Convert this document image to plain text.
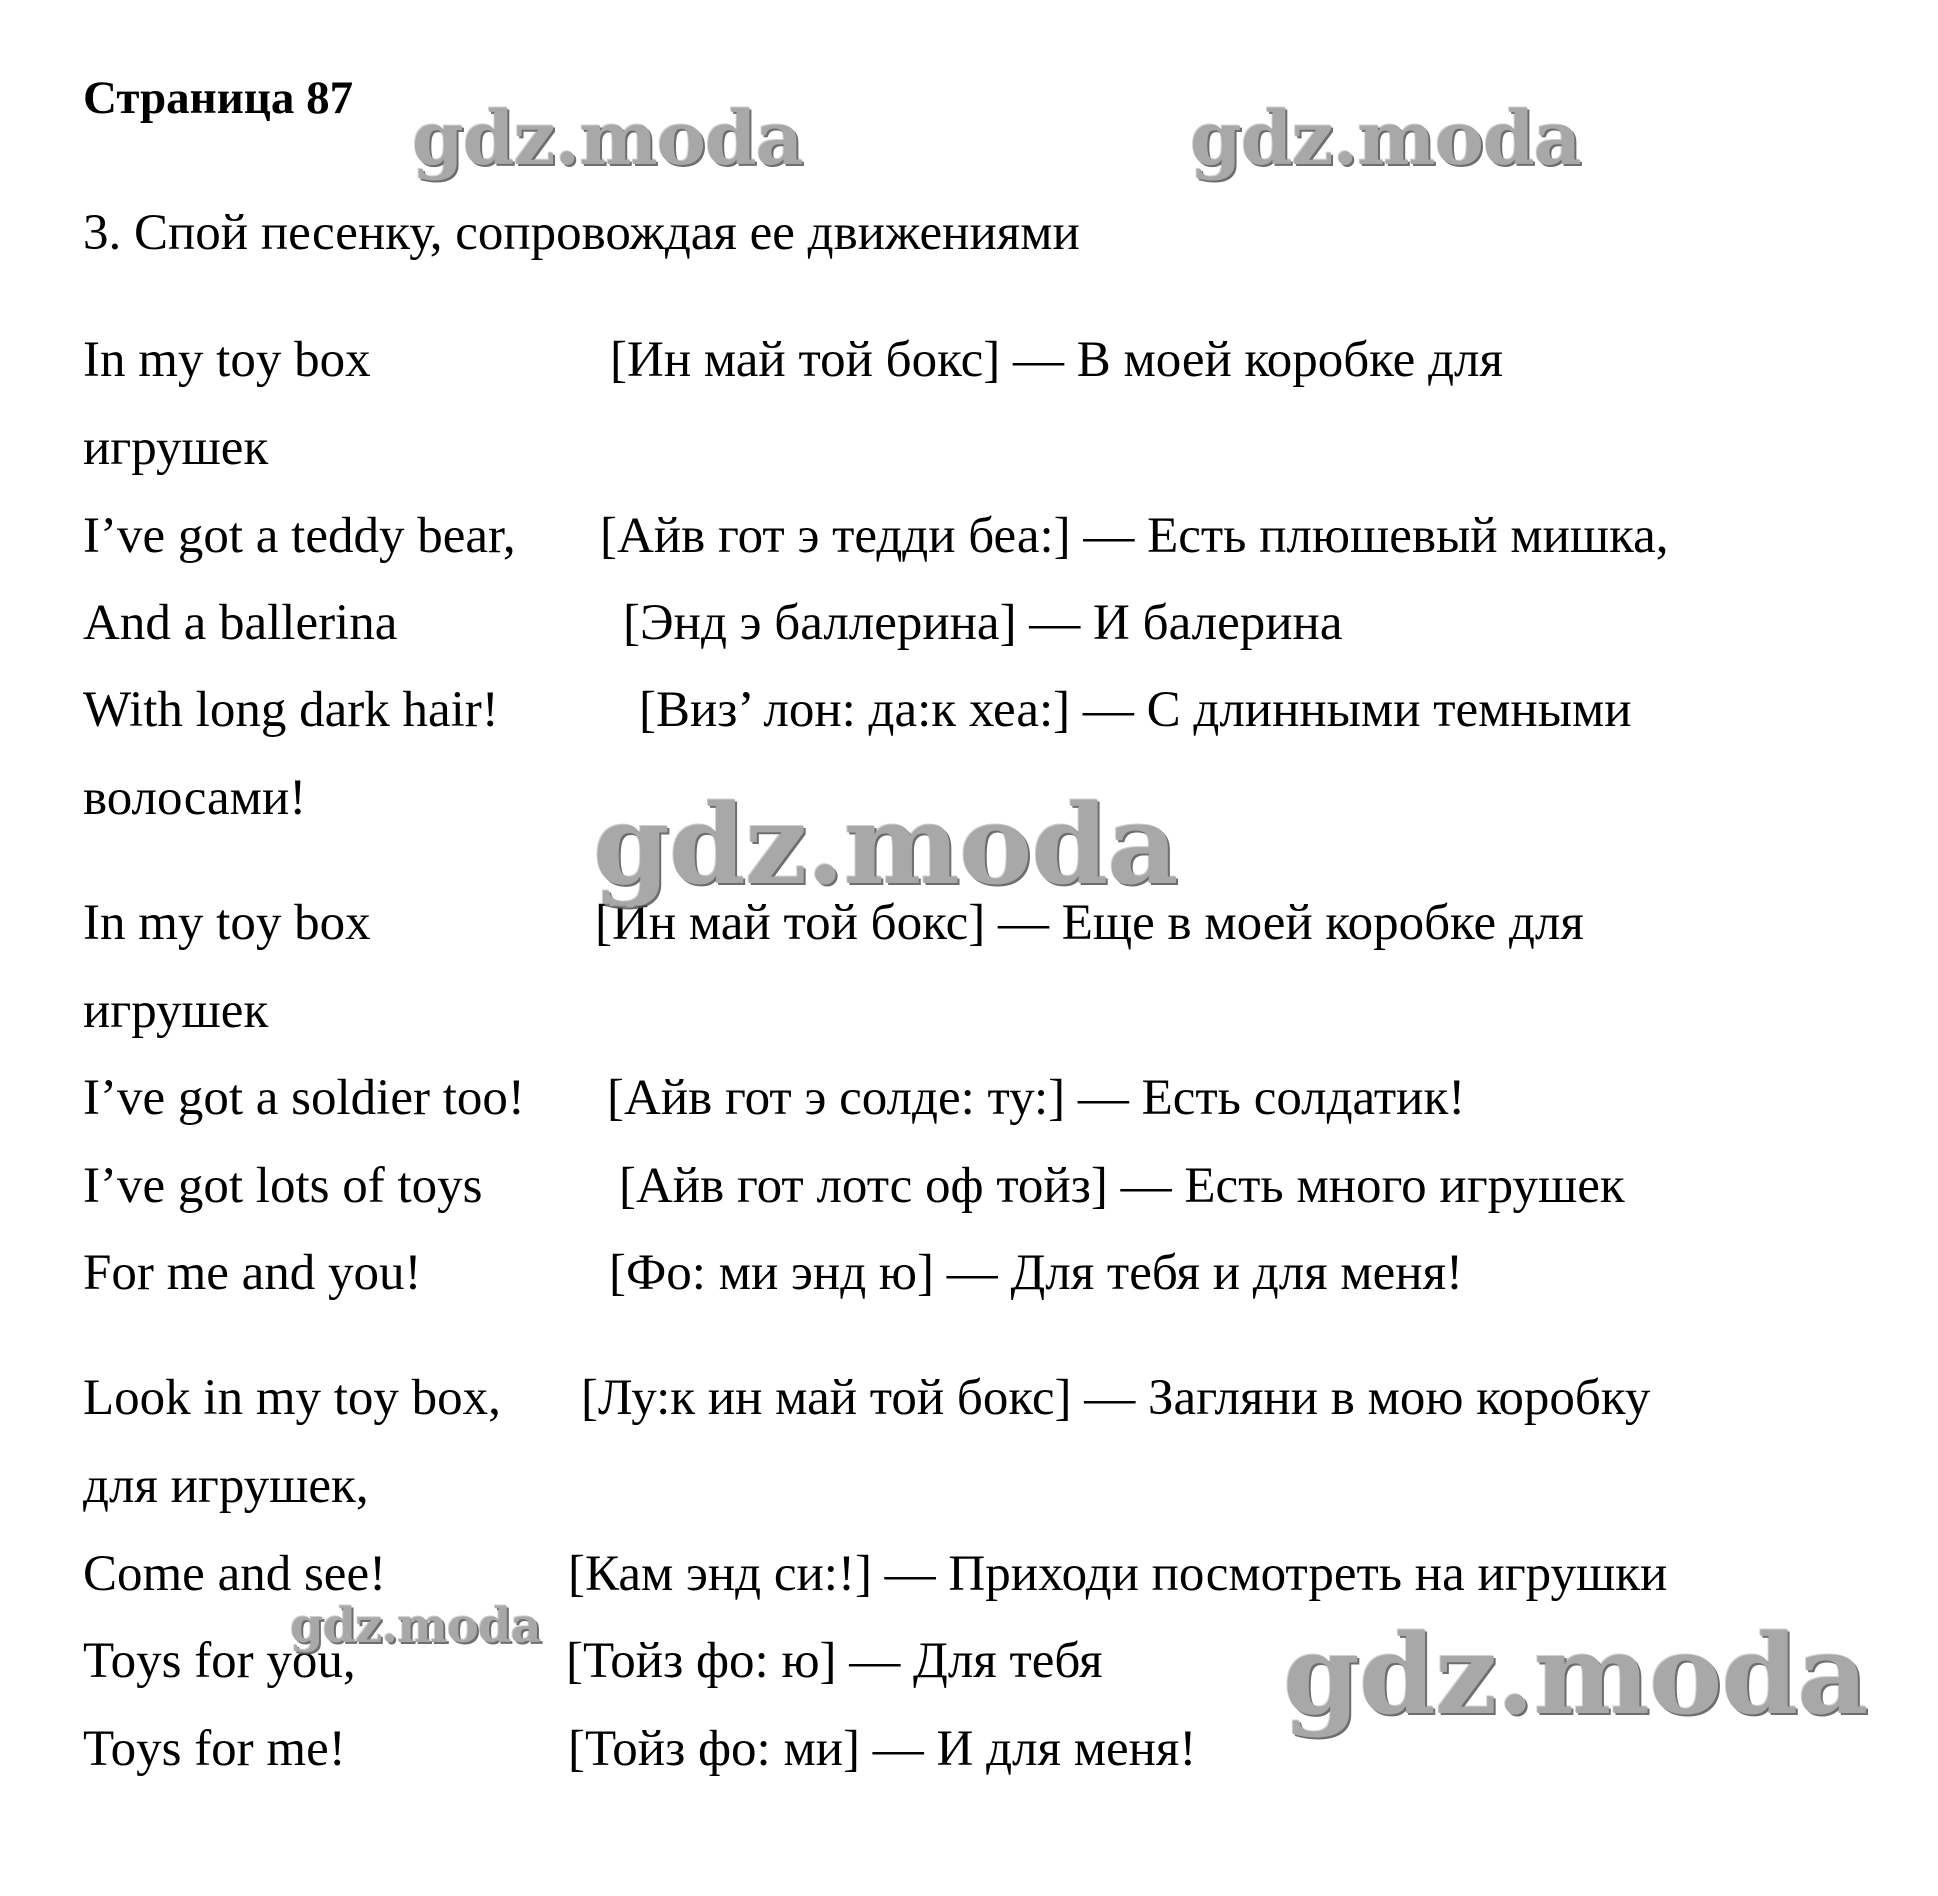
Страница 87
3. Спой песенку, сопровождая ее движениями
In my toy box	[Ин май той бокс] — В моей коробке для
игрушек
I’ve got a teddy bear, [Айв гот э тедди беа:] — Есть плюшевый мишка,
And a ballerina	[Энд э баллерина] — И балерина
With long dark hair!	[Виз’ лон: да:к хеа:] — С длинными темными
волосами!
In my toy box	[Ин май той бокс] — Еще в моей коробке для
игрушек
I’ve got a soldier too! [Айв гот э солде: ту:] — Есть солдатик!
I’ve got lots of toys	[Айв гот лотс оф тойз] — Есть много игрушек
For me and you!	[Фо: ми энд ю] — Для тебя и для меня!
Look in my toy box, [Лу:к ин май той бокс] — Загляни в мою коробку
для игрушек,
Come and see!	[Кам энд си:!] — Приходи посмотреть на игрушки
Toys for you,	[Тойз фо: ю] — Для тебя
Toys for me!	[Тойз фо: ми] — И для меня!
gdz.moda	gdz.moda
gdz.moda
gdz.moda	gdz.moda
